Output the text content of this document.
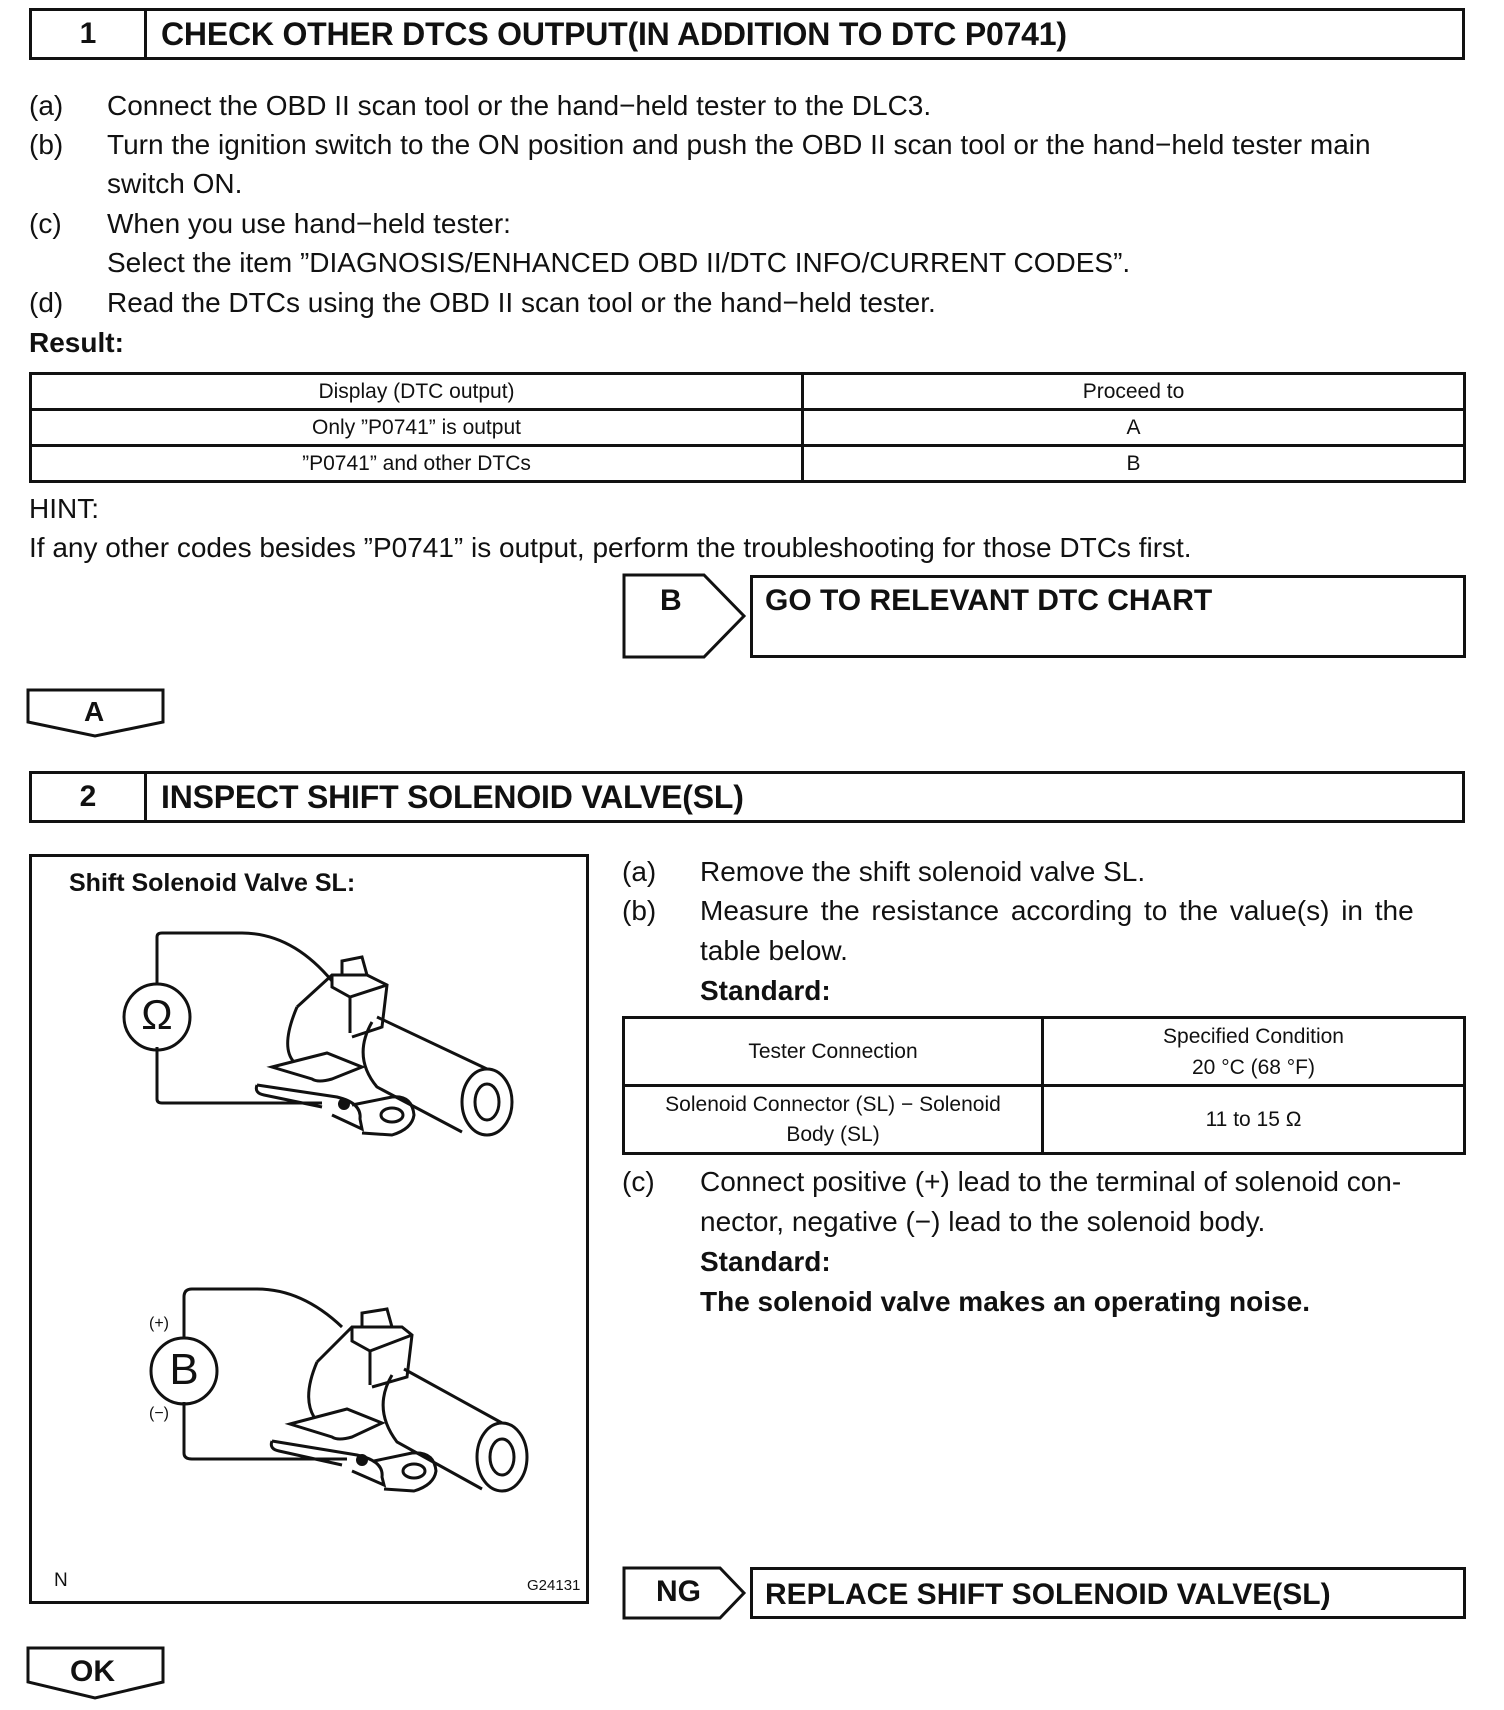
1	CHECK OTHER DTCS OUTPUT(IN ADDITION TO DTC P0741)
(a) Connect the OBD II scan tool or the hand−held tester to the DLC3.
(b) Turn the ignition switch to the ON position and push the OBD II scan tool or the hand−held tester main
switch ON.
(c) When you use hand−held tester:
Select the item ”DIAGNOSIS/ENHANCED OBD II/DTC INFO/CURRENT CODES”.
(d) Read the DTCs using the OBD II scan tool or the hand−held tester.
Result:
Display (DTC output)	Proceed to
Only ”P0741” is output	A
”P0741” and other DTCs	B
HINT:
If any other codes besides ”P0741” is output, perform the troubleshooting for those DTCs first.
B	GO TO RELEVANT DTC CHART
A
2	INSPECT SHIFT SOLENOID VALVE(SL)
Shift Solenoid Valve SL:
Ω
B
(+)
(−)
N	G24131
(a) Remove the shift solenoid valve SL.
(b) Measure the resistance according to the value(s) in the
table below.
Standard:
Tester Connection	Specified Condition
20 °C (68 °F)
Solenoid Connector (SL) − Solenoid
Body (SL)	11 to 15 Ω
(c) Connect positive (+) lead to the terminal of solenoid con-
nector, negative (−) lead to the solenoid body.
Standard:
The solenoid valve makes an operating noise.
NG	REPLACE SHIFT SOLENOID VALVE(SL)
OK
